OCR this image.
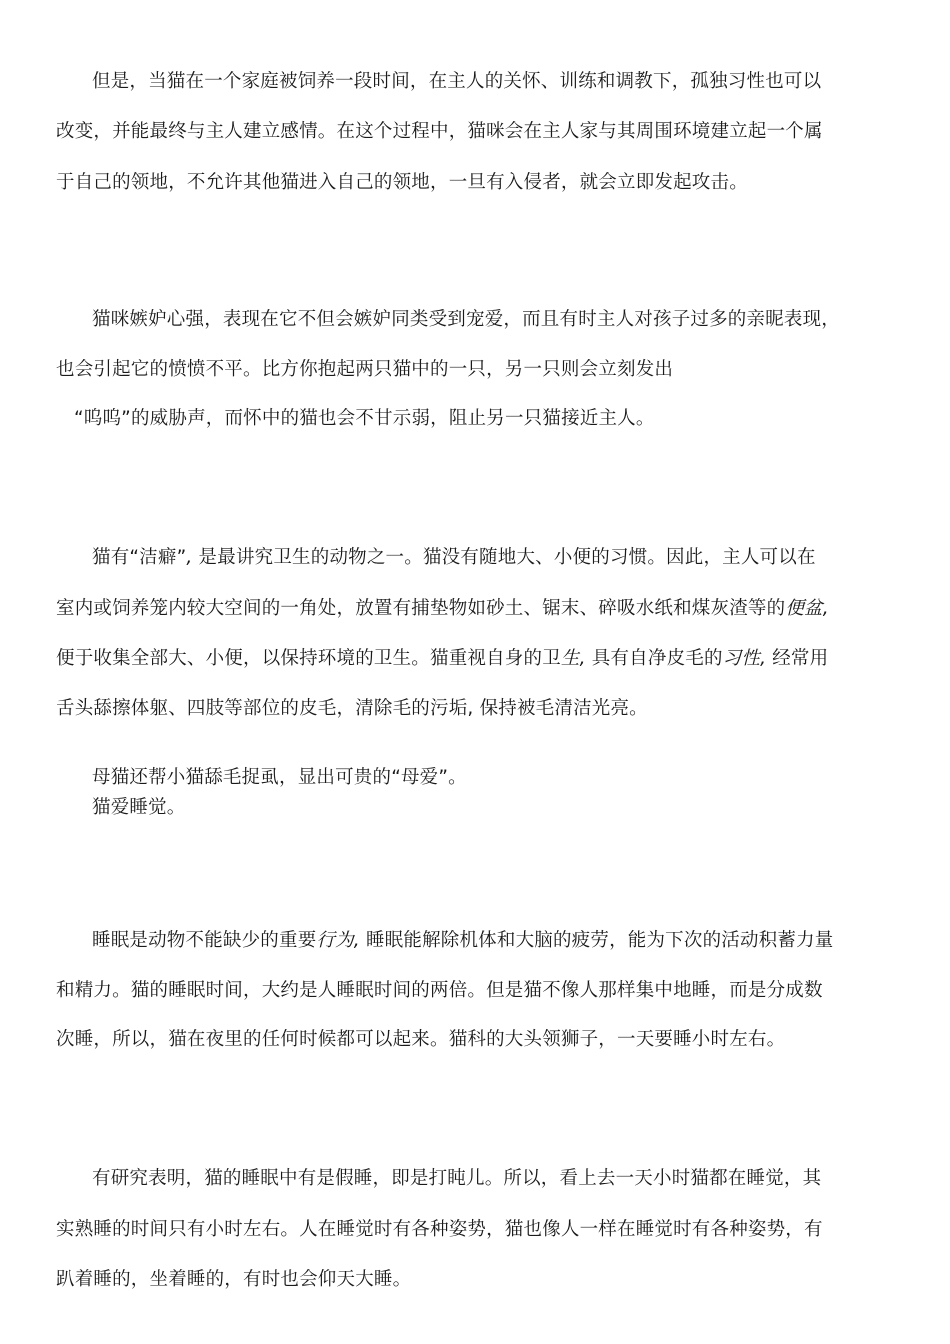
但是，当猫在一个家庭被饲养一段时间，在主人的关怀、训练和调教下，孤独习性也可以
改变，并能最终与主人建立感情。在这个过程中，猫咪会在主人家与其周围环境建立起一个属
于自己的领地，不允许其他猫进入自己的领地，一旦有入侵者，就会立即发起攻击。
猫咪嫉妒心强，表现在它不但会嫉妒同类受到宠爱，而且有时主人对孩子过多的亲昵表现，
也会引起它的愤愤不平。比方你抱起两只猫中的一只，另一只则会立刻发出
“呜呜”的威胁声，而怀中的猫也会不甘示弱，阻止另一只猫接近主人。
猫有“洁癖”, 是最讲究卫生的动物之一。猫没有随地大、小便的习惯。因此，主人可以在
室内或饲养笼内较大空间的一角处，放置有捕垫物如砂土、锯末、碎吸水纸和煤灰渣等的便盆,
便于收集全部大、小便，以保持环境的卫生。猫重视自身的卫生, 具有自净皮毛的习性, 经常用
舌头舔擦体躯、四肢等部位的皮毛，清除毛的污垢, 保持被毛清洁光亮。
母猫还帮小猫舔毛捉虱，显出可贵的“母爱”。
猫爱睡觉。
睡眠是动物不能缺少的重要行为, 睡眠能解除机体和大脑的疲劳，能为下次的活动积蓄力量
和精力。猫的睡眠时间，大约是人睡眠时间的两倍。但是猫不像人那样集中地睡，而是分成数
次睡，所以，猫在夜里的任何时候都可以起来。猫科的大头领狮子，一天要睡小时左右。
有研究表明，猫的睡眠中有是假睡，即是打盹儿。所以，看上去一天小时猫都在睡觉，其
实熟睡的时间只有小时左右。人在睡觉时有各种姿势，猫也像人一样在睡觉时有各种姿势，有
趴着睡的，坐着睡的，有时也会仰天大睡。
